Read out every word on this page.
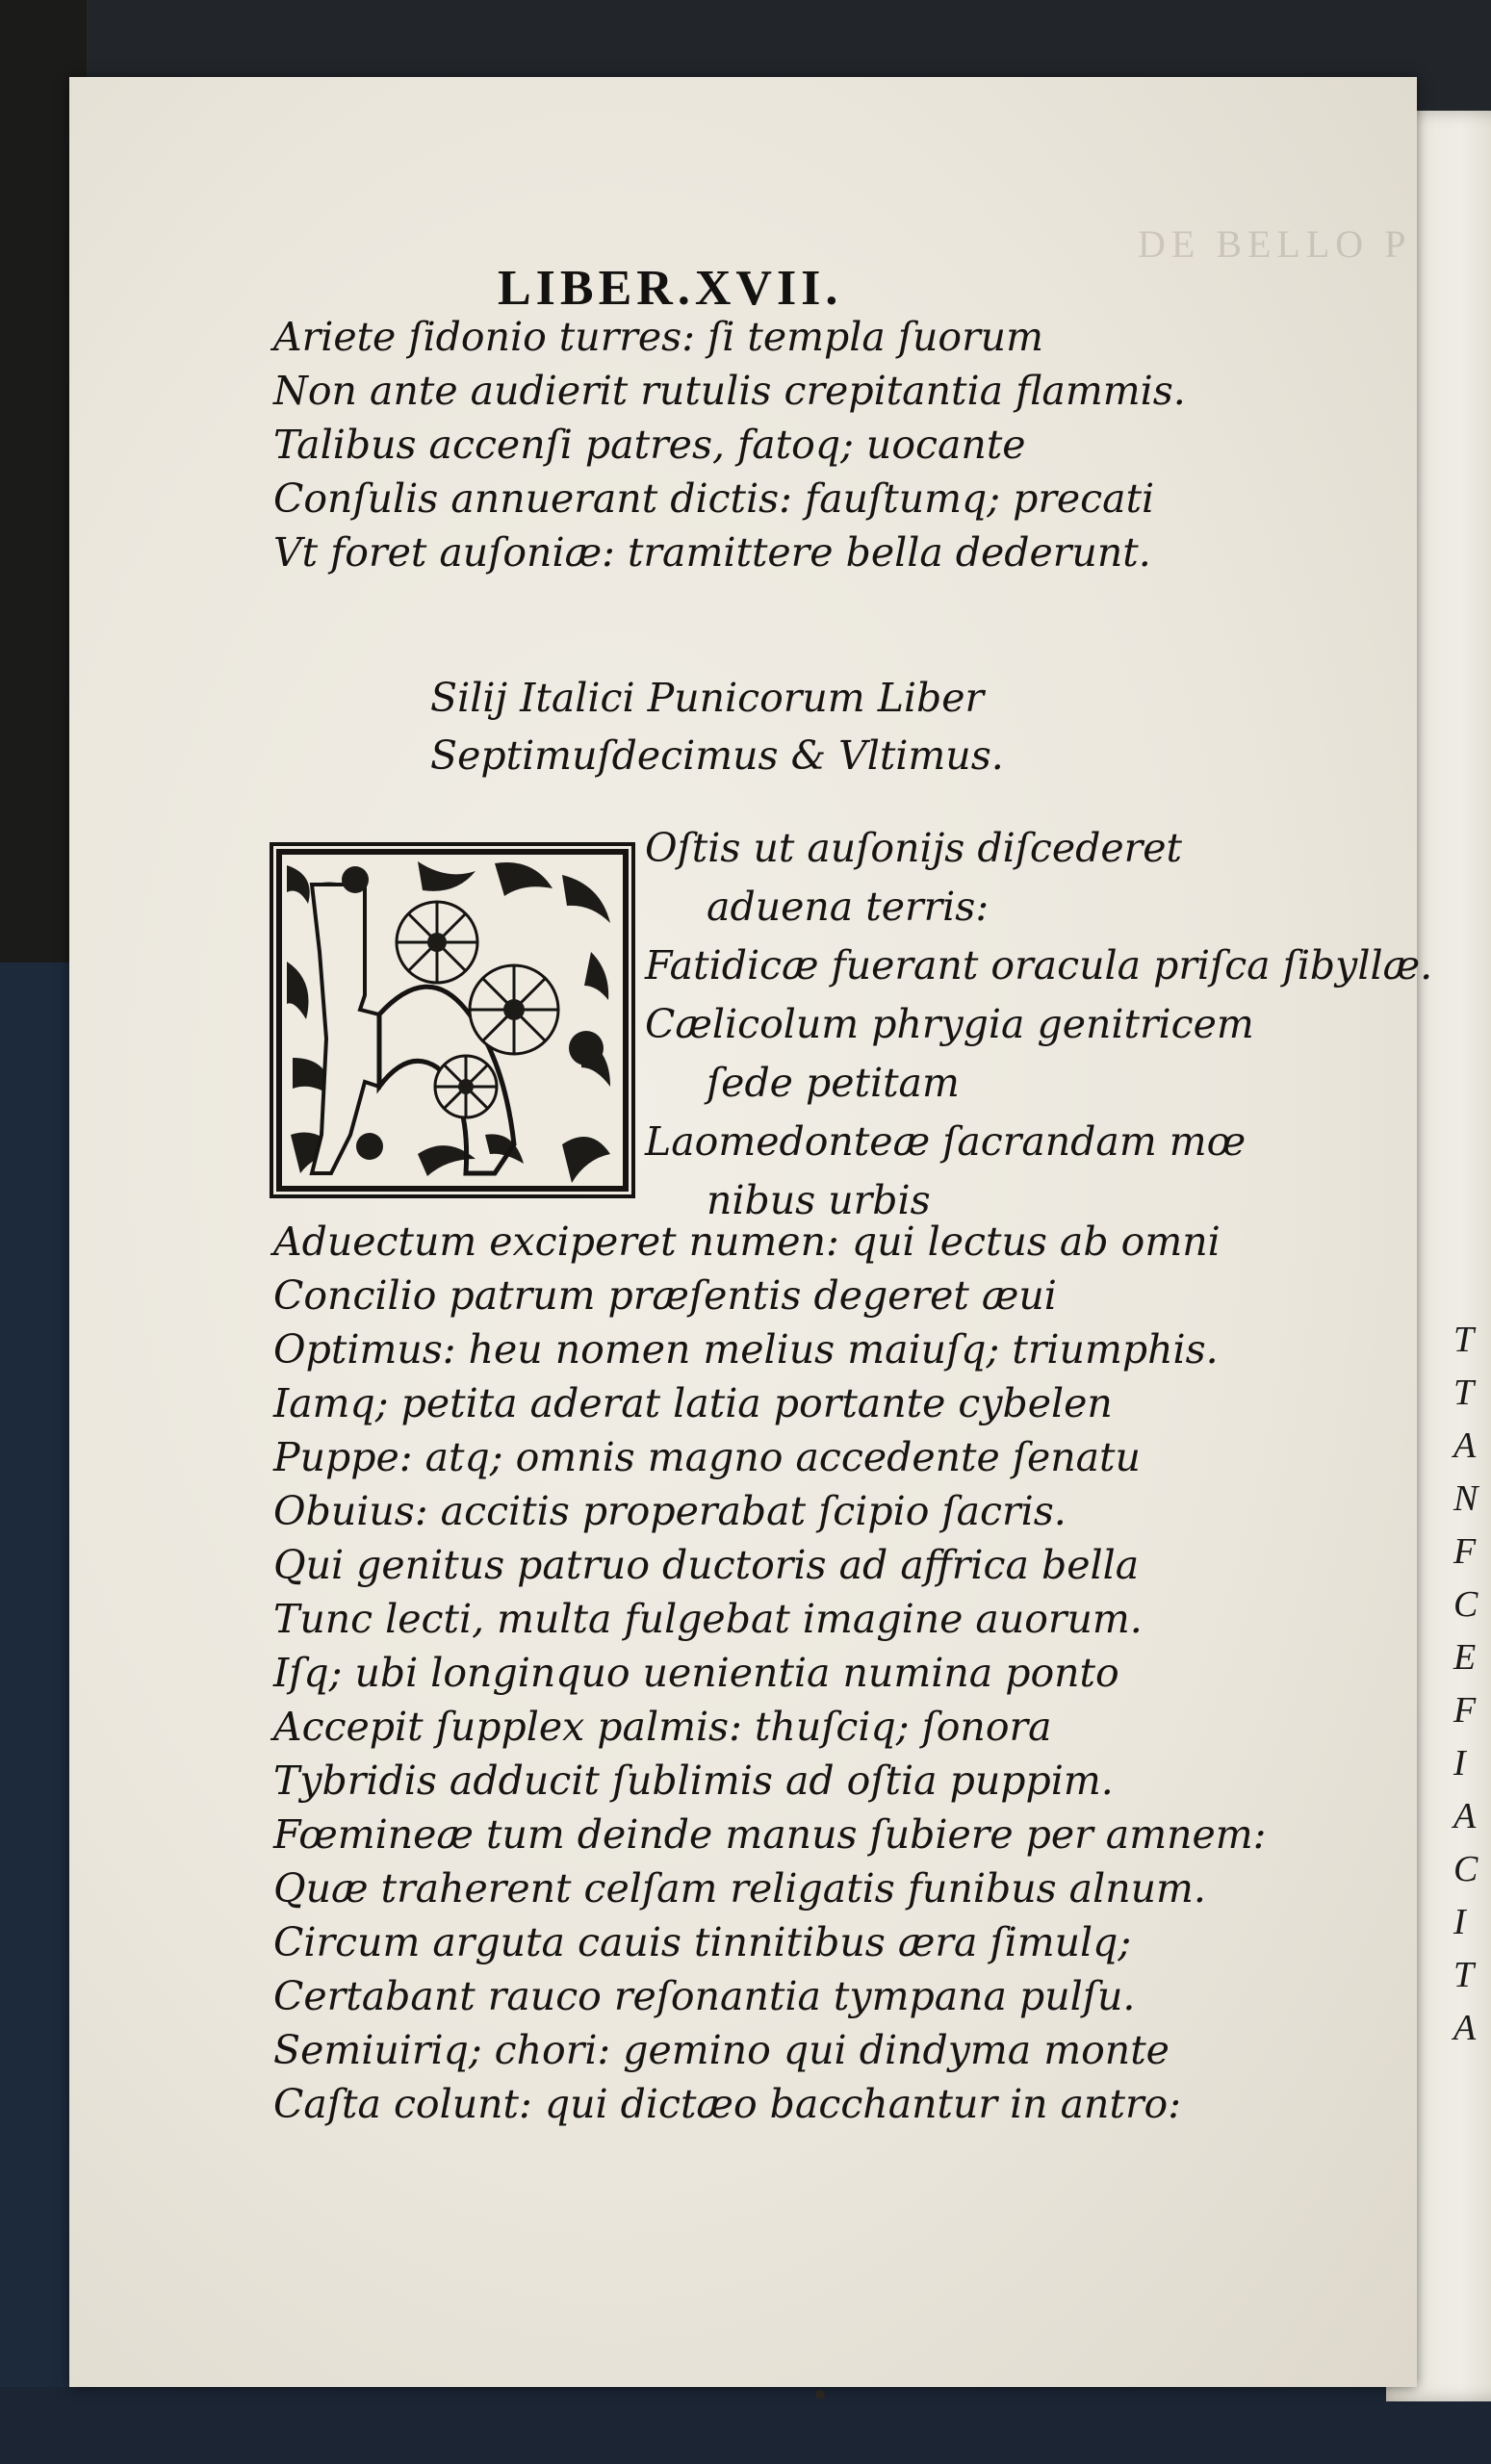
T
T
A
N
F
C
E
F
I
A
C
I
T
A
DE BELLO P
LIBER.XVII.
Ariete ſidonio turres: ſi templa ſuorum
Non ante audierit rutulis crepitantia flammis.
Talibus accenſi patres, fatoq; uocante
Conſulis annuerant dictis: fauſtumq; precati
Vt foret auſoniæ: tramittere bella dederunt.
Silij Italici Punicorum Liber
Septimuſdecimus & Vltimus.
Oſtis ut auſonijs diſcederet
aduena terris:
Fatidicæ fuerant oracula priſca ſibyllæ.
Cælicolum phrygia genitricem
ſede petitam
Laomedonteæ ſacrandam mœ
nibus urbis
Aduectum exciperet numen: qui lectus ab omni
Concilio patrum præſentis degeret æui
Optimus: heu nomen melius maiuſq; triumphis.
Iamq; petita aderat latia portante cybelen
Puppe: atq; omnis magno accedente ſenatu
Obuius: accitis properabat ſcipio ſacris.
Qui genitus patruo ductoris ad affrica bella
Tunc lecti, multa fulgebat imagine auorum.
Iſq; ubi longinquo uenientia numina ponto
Accepit ſupplex palmis: thuſciq; ſonora
Tybridis adducit ſublimis ad oſtia puppim.
Fœmineæ tum deinde manus ſubiere per amnem:
Quæ traherent celſam religatis funibus alnum.
Circum arguta cauis tinnitibus æra ſimulq;
Certabant rauco reſonantia tympana pulſu.
Semiuiriq; chori: gemino qui dindyma monte
Caſta colunt: qui dictæo bacchantur in antro:
